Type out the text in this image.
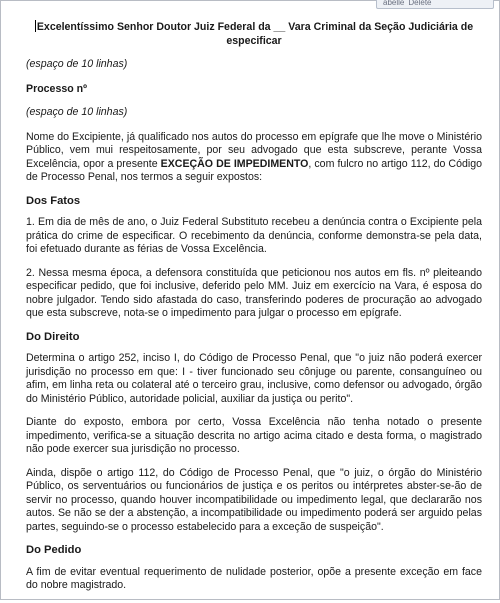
abelle Delete
Excelentíssimo Senhor Doutor Juiz Federal da __ Vara Criminal da Seção Judiciária de especificar

(espaço de 10 linhas)

Processo nº

(espaço de 10 linhas)

Nome do Excipiente, já qualificado nos autos do processo em epígrafe que lhe move o Ministério Público, vem mui respeitosamente, por seu advogado que esta subscreve, perante Vossa Excelência, opor a presente EXCEÇÃO DE IMPEDIMENTO, com fulcro no artigo 112, do Código de Processo Penal, nos termos a seguir expostos:

Dos Fatos

1. Em dia de mês de ano, o Juiz Federal Substituto recebeu a denúncia contra o Excipiente pela prática do crime de especificar. O recebimento da denúncia, conforme demonstra-se pela data, foi efetuado durante as férias de Vossa Excelência.

2. Nessa mesma época, a defensora constituída que peticionou nos autos em fls. nº pleiteando especificar pedido, que foi inclusive, deferido pelo MM. Juiz em exercício na Vara, é esposa do nobre julgador. Tendo sido afastada do caso, transferindo poderes de procuração ao advogado que esta subscreve, nota-se o impedimento para julgar o processo em epígrafe.

Do Direito

Determina o artigo 252, inciso I, do Código de Processo Penal, que "o juiz não poderá exercer jurisdição no processo em que: I - tiver funcionado seu cônjuge ou parente, consanguíneo ou afim, em linha reta ou colateral até o terceiro grau, inclusive, como defensor ou advogado, órgão do Ministério Público, autoridade policial, auxiliar da justiça ou perito".

Diante do exposto, embora por certo, Vossa Excelência não tenha notado o presente impedimento, verifica-se a situação descrita no artigo acima citado e desta forma, o magistrado não pode exercer sua jurisdição no processo.

Ainda, dispõe o artigo 112, do Código de Processo Penal, que "o juiz, o órgão do Ministério Público, os serventuários ou funcionários de justiça e os peritos ou intérpretes abster-se-ão de servir no processo, quando houver incompatibilidade ou impedimento legal, que declararão nos autos. Se não se der a abstenção, a incompatibilidade ou impedimento poderá ser arguido pelas partes, seguindo-se o processo estabelecido para a exceção de suspeição".

Do Pedido

A fim de evitar eventual requerimento de nulidade posterior, opõe a presente exceção em face do nobre magistrado.
